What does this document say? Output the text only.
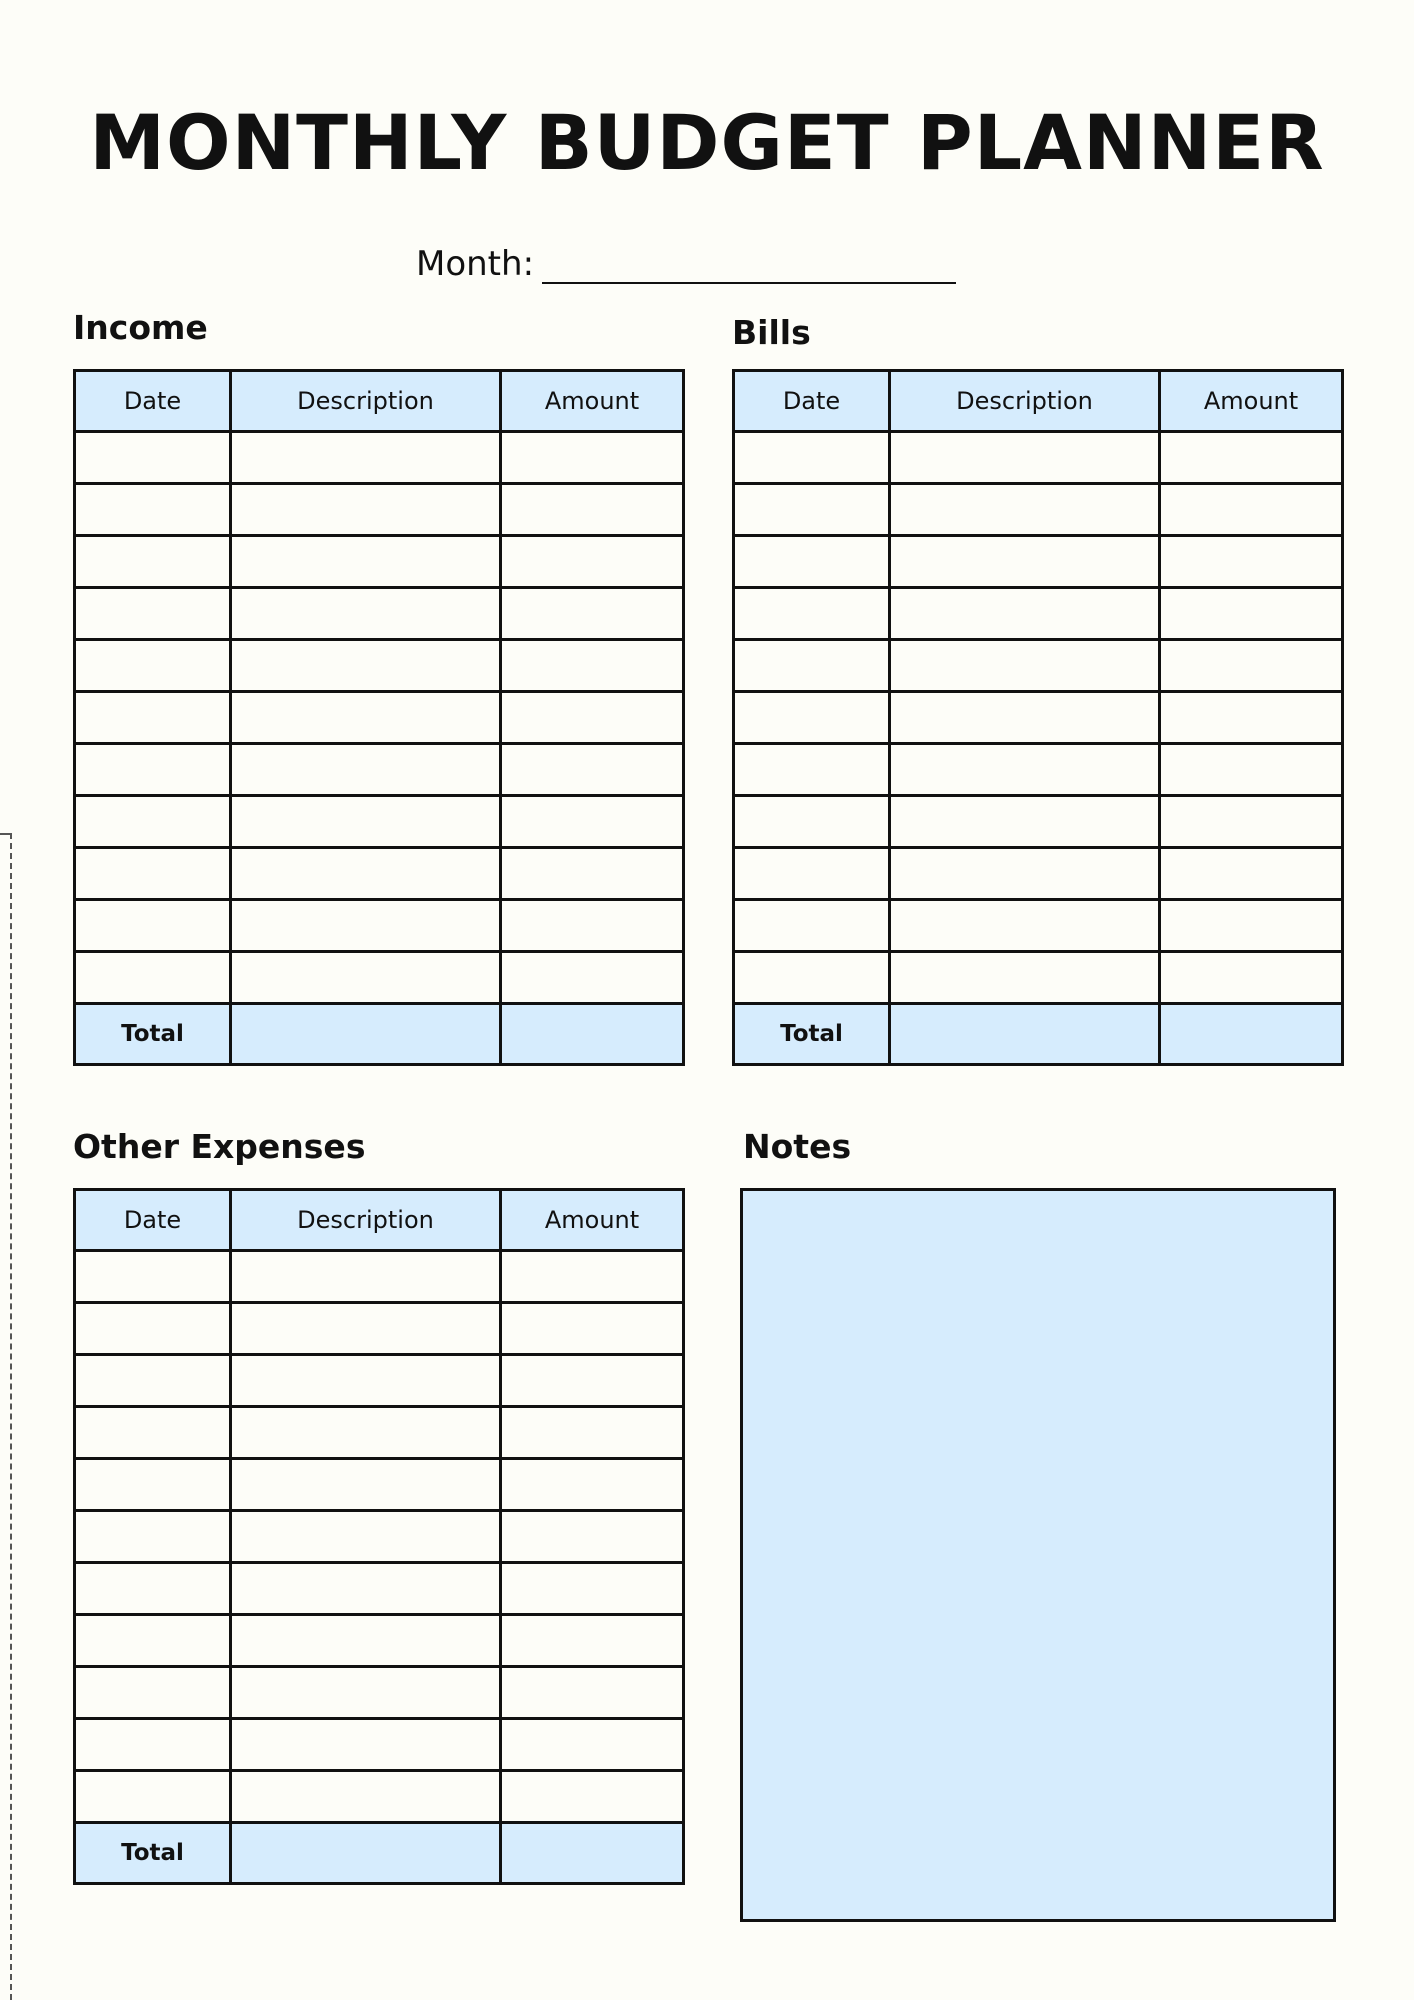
MONTHLY BUDGET PLANNER
Month:
Income
Date	Description	Amount

Total		
Bills
Date	Description	Amount

Total		
Other Expenses
Date	Description	Amount

Total		
Notes
